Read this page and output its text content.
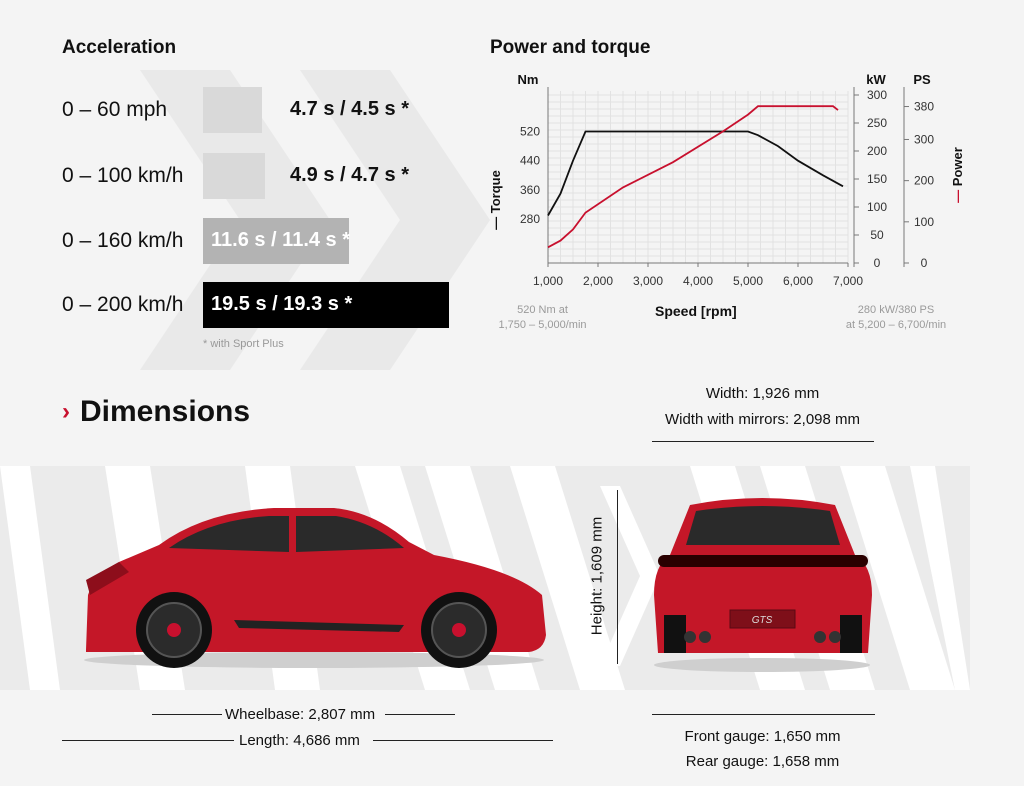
Acceleration
0 – 60 mph	4.7 s / 4.5 s *
0 – 100 km/h	4.9 s / 4.7 s *
0 – 160 km/h 11.6 s / 11.4 s *
0 – 200 km/h 19.5 s / 19.3 s *
* with Sport Plus
Power and torque
Nm	kW PS
280
360
440
520
0
50
100
150
200
250
300
0
100
200
300
380
1,000 2,000 3,000 4,000 5,000 6,000 7,000
— Torque	— Power
Speed [rpm]
520 Nm at
1,750 – 5,000/min
280 kW/380 PS
at 5,200 – 6,700/min
› Dimensions
Width: 1,926 mm
Width with mirrors: 2,098 mm
GTS
Height: 1,609 mm
Wheelbase: 2,807 mm
Length: 4,686 mm	Front gauge: 1,650 mm
Rear gauge: 1,658 mm
